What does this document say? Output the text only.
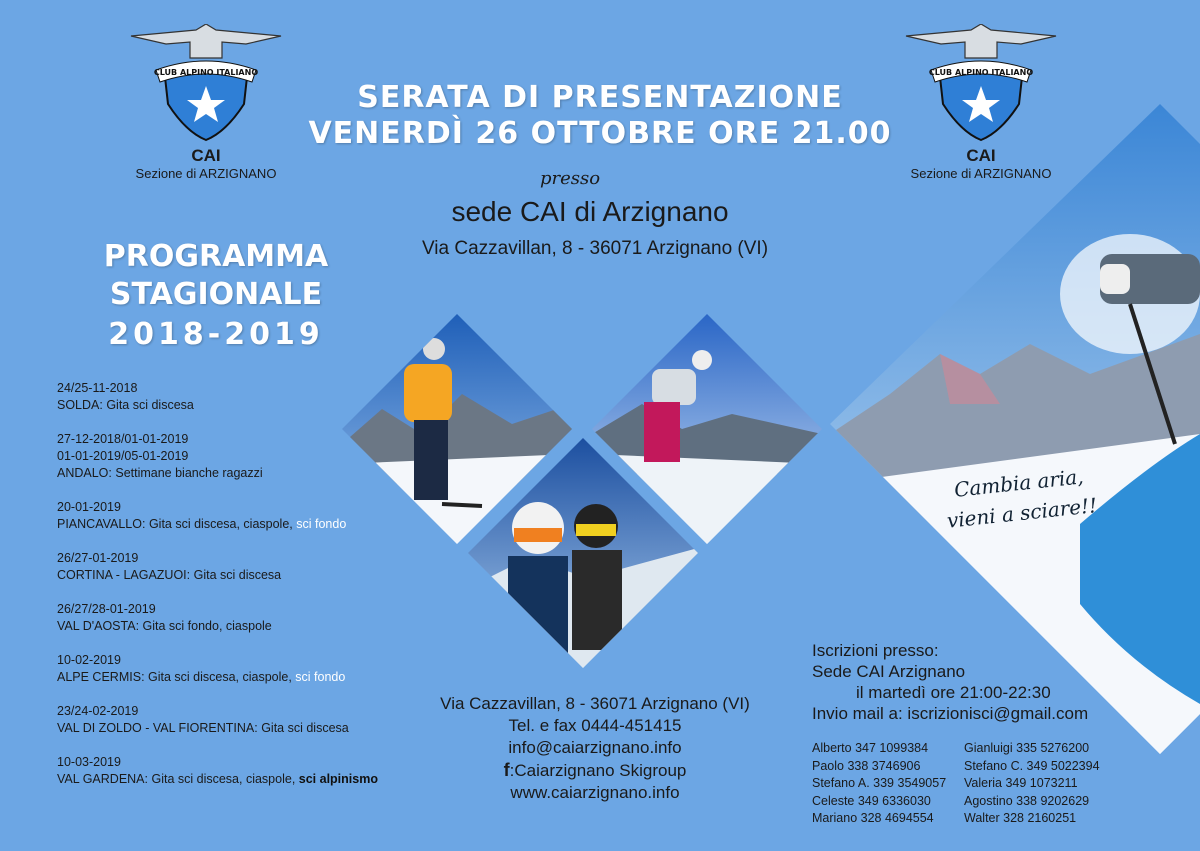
CLUB ALPINO ITALIANO
CAI
Sezione di ARZIGNANO
CLUB ALPINO ITALIANO
CAI
Sezione di ARZIGNANO
SERATA DI PRESENTAZIONE
VENERDÌ 26 OTTOBRE ORE 21.00
presso
sede CAI di Arzignano
Via Cazzavillan, 8 - 36071 Arzignano (VI)
PROGRAMMA
STAGIONALE
2018-2019
24/25-11-2018
SOLDA: Gita sci discesa
27-12-2018/01-01-2019
01-01-2019/05-01-2019
ANDALO: Settimane bianche ragazzi
20-01-2019
PIANCAVALLO: Gita sci discesa, ciaspole, sci fondo
26/27-01-2019
CORTINA - LAGAZUOI: Gita sci discesa
26/27/28-01-2019
VAL D'AOSTA: Gita sci fondo, ciaspole
10-02-2019
ALPE CERMIS: Gita sci discesa, ciaspole, sci fondo
23/24-02-2019
VAL DI ZOLDO - VAL FIORENTINA: Gita sci discesa
10-03-2019
VAL GARDENA: Gita sci discesa, ciaspole, sci alpinismo
Cambia aria,
vieni a sciare!!
Via Cazzavillan, 8 - 36071 Arzignano (VI)
Tel. e fax 0444-451415
info@caiarzignano.info
f:Caiarzignano Skigroup
www.caiarzignano.info
Iscrizioni presso:
Sede CAI Arzignano
il martedì ore 21:00-22:30
Invio mail a: iscrizionisci@gmail.com
Alberto 347 1099384	Gianluigi 335 5276200
Paolo 338 3746906	Stefano C. 349 5022394
Stefano A. 339 3549057	Valeria 349 1073211
Celeste 349 6336030	Agostino 338 9202629
Mariano 328 4694554	Walter 328 2160251
